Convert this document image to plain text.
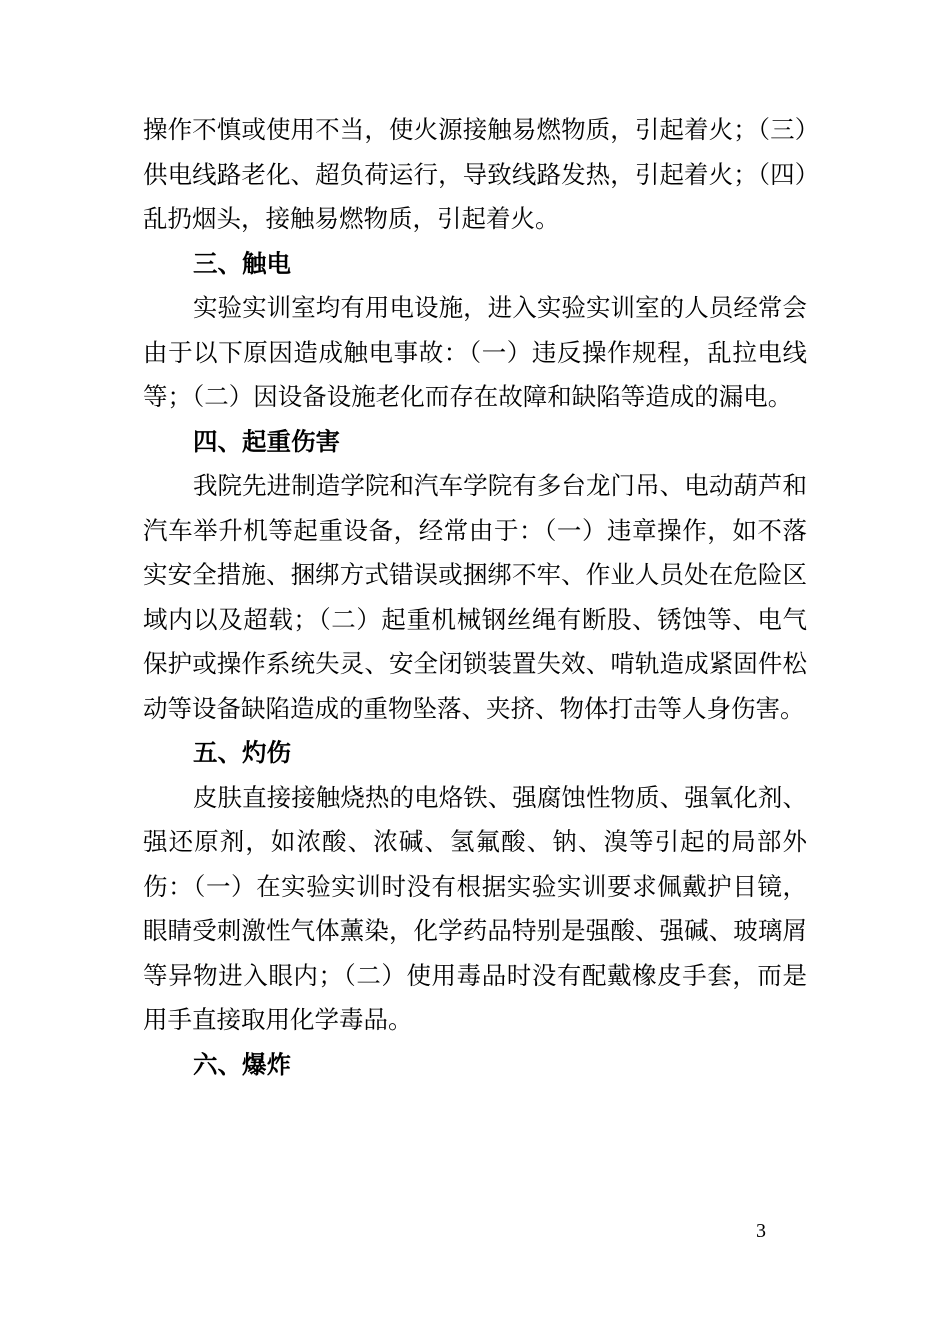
操作不慎或使用不当，使火源接触易燃物质，引起着火；（三）供电线路老化、超负荷运行，导致线路发热，引起着火；（四）乱扔烟头，接触易燃物质，引起着火。

三、触电

实验实训室均有用电设施，进入实验实训室的人员经常会由于以下原因造成触电事故：（一）违反操作规程，乱拉电线等；（二）因设备设施老化而存在故障和缺陷等造成的漏电。

四、起重伤害

我院先进制造学院和汽车学院有多台龙门吊、电动葫芦和汽车举升机等起重设备，经常由于：（一）违章操作，如不落实安全措施、捆绑方式错误或捆绑不牢、作业人员处在危险区域内以及超载；（二）起重机械钢丝绳有断股、锈蚀等、电气保护或操作系统失灵、安全闭锁装置失效、啃轨造成紧固件松动等设备缺陷造成的重物坠落、夹挤、物体打击等人身伤害。

五、灼伤

皮肤直接接触烧热的电烙铁、强腐蚀性物质、强氧化剂、强还原剂，如浓酸、浓碱、氢氟酸、钠、溴等引起的局部外伤：（一）在实验实训时没有根据实验实训要求佩戴护目镜，眼睛受刺激性气体薰染，化学药品特别是强酸、强碱、玻璃屑等异物进入眼内；（二）使用毒品时没有配戴橡皮手套，而是用手直接取用化学毒品。

六、爆炸

3
